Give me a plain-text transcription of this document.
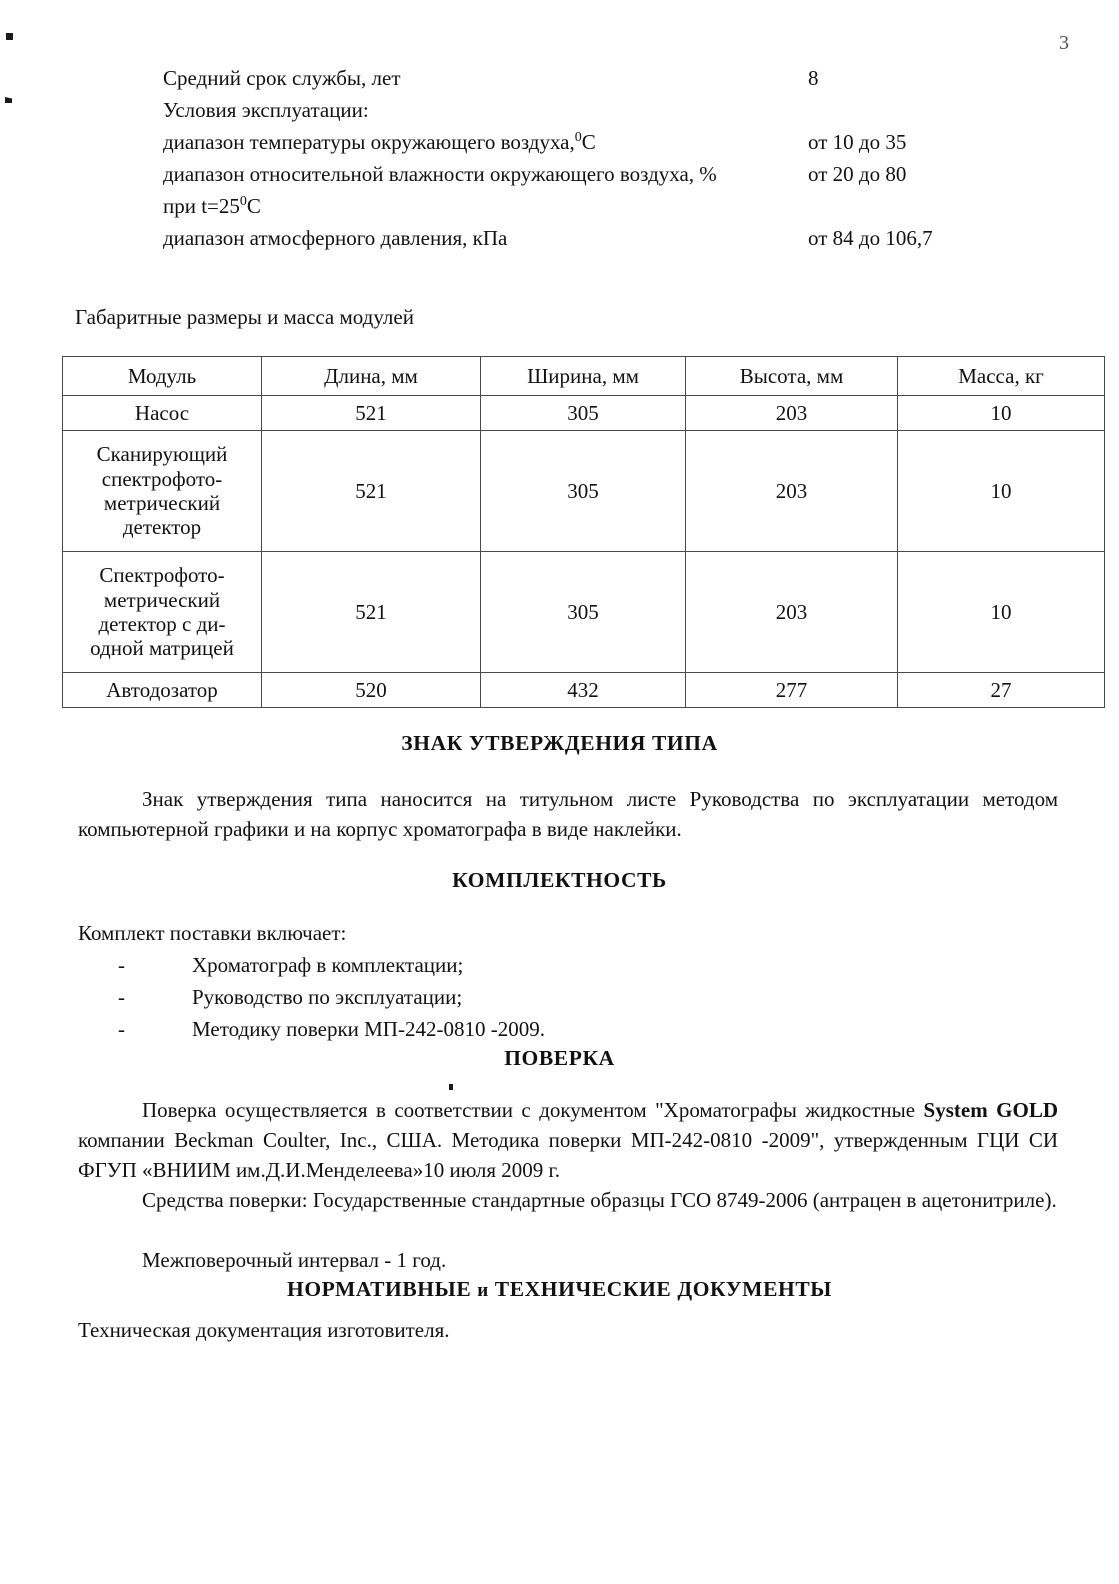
3
Средний срок службы, лет	8
Условия эксплуатации:
диапазон температуры окружающего воздуха,$^0$С	от 10 до 35
диапазон относительной влажности окружающего воздуха, %	от 20 до 80
при $t=25^0С$
диапазон атмосферного давления, кПа	от 84 до 106,7
Габаритные размеры и масса модулей
Модуль	Длина, мм	Ширина, мм	Высота, мм	Масса, кг
Насос	521	305	203	10

Сканирующий
спектрофото-
метрический
детектор	521	305	203	10

Спектрофото-
метрический
детектор с ди-
одной матрицей	521	305	203	10
Автодозатор	520	432	277	27
ЗНАК УТВЕРЖДЕНИЯ ТИПА
Знак утверждения типа наносится на титульном листе Руководства по эксплуатации методом компьютерной графики и на корпус хроматографа в виде наклейки.
КОМПЛЕКТНОСТЬ
Комплект поставки включает:
-	Хроматограф в комплектации;
-	Руководство по эксплуатации;
-	Методику поверки МП-242-0810 -2009.
ПОВЕРКА
Поверка осуществляется в соответствии с документом "Хроматографы жидкостные System GOLD компании Beckman Coulter, Inc., США. Методика поверки МП-242-0810 -2009", утвержденным ГЦИ СИ ФГУП «ВНИИМ им.Д.И.Менделеева»10 июля 2009 г.
Средства поверки: Государственные стандартные образцы ГСО 8749-2006 (антрацен в ацетонитриле).
Межповерочный интервал - 1 год.
НОРМАТИВНЫЕ и ТЕХНИЧЕСКИЕ ДОКУМЕНТЫ
Техническая документация изготовителя.
